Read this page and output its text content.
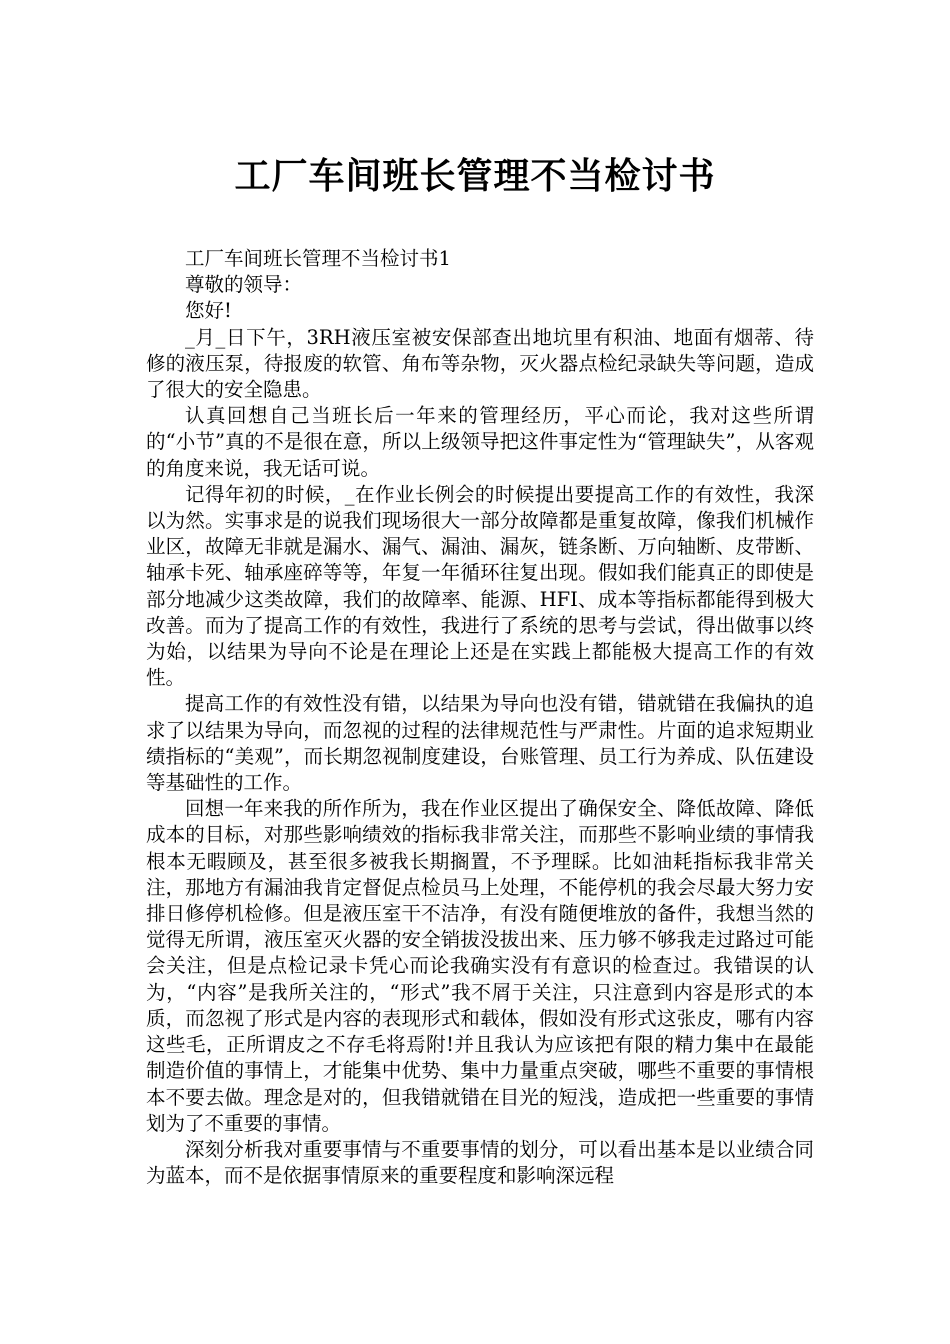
工厂车间班长管理不当检讨书

工厂车间班长管理不当检讨书1

尊敬的领导：

您好!

_月_日下午，3RH液压室被安保部查出地坑里有积油、地面有烟蒂、待修的液压泵，待报废的软管、角布等杂物，灭火器点检纪录缺失等问题，造成了很大的安全隐患。

认真回想自己当班长后一年来的管理经历，平心而论，我对这些所谓的“小节”真的不是很在意，所以上级领导把这件事定性为“管理缺失”，从客观的角度来说，我无话可说。

记得年初的时候，_在作业长例会的时候提出要提高工作的有效性，我深以为然。实事求是的说我们现场很大一部分故障都是重复故障，像我们机械作业区，故障无非就是漏水、漏气、漏油、漏灰，链条断、万向轴断、皮带断、轴承卡死、轴承座碎等等，年复一年循环往复出现。假如我们能真正的即使是部分地减少这类故障，我们的故障率、能源、HFI、成本等指标都能得到极大改善。而为了提高工作的有效性，我进行了系统的思考与尝试，得出做事以终为始，以结果为导向不论是在理论上还是在实践上都能极大提高工作的有效性。

提高工作的有效性没有错，以结果为导向也没有错，错就错在我偏执的追求了以结果为导向，而忽视的过程的法律规范性与严肃性。片面的追求短期业绩指标的“美观”，而长期忽视制度建设，台账管理、员工行为养成、队伍建设等基础性的工作。

回想一年来我的所作所为，我在作业区提出了确保安全、降低故障、降低成本的目标，对那些影响绩效的指标我非常关注，而那些不影响业绩的事情我根本无暇顾及，甚至很多被我长期搁置，不予理睬。比如油耗指标我非常关注，那地方有漏油我肯定督促点检员马上处理，不能停机的我会尽最大努力安排日修停机检修。但是液压室干不洁净，有没有随便堆放的备件，我想当然的觉得无所谓，液压室灭火器的安全销拔没拔出来、压力够不够我走过路过可能会关注，但是点检记录卡凭心而论我确实没有有意识的检查过。我错误的认为，“内容”是我所关注的，“形式”我不屑于关注，只注意到内容是形式的本质，而忽视了形式是内容的表现形式和载体，假如没有形式这张皮，哪有内容这些毛，正所谓皮之不存毛将焉附!并且我认为应该把有限的精力集中在最能制造价值的事情上，才能集中优势、集中力量重点突破，哪些不重要的事情根本不要去做。理念是对的，但我错就错在目光的短浅，造成把一些重要的事情划为了不重要的事情。

深刻分析我对重要事情与不重要事情的划分，可以看出基本是以业绩合同为蓝本，而不是依据事情原来的重要程度和影响深远程
